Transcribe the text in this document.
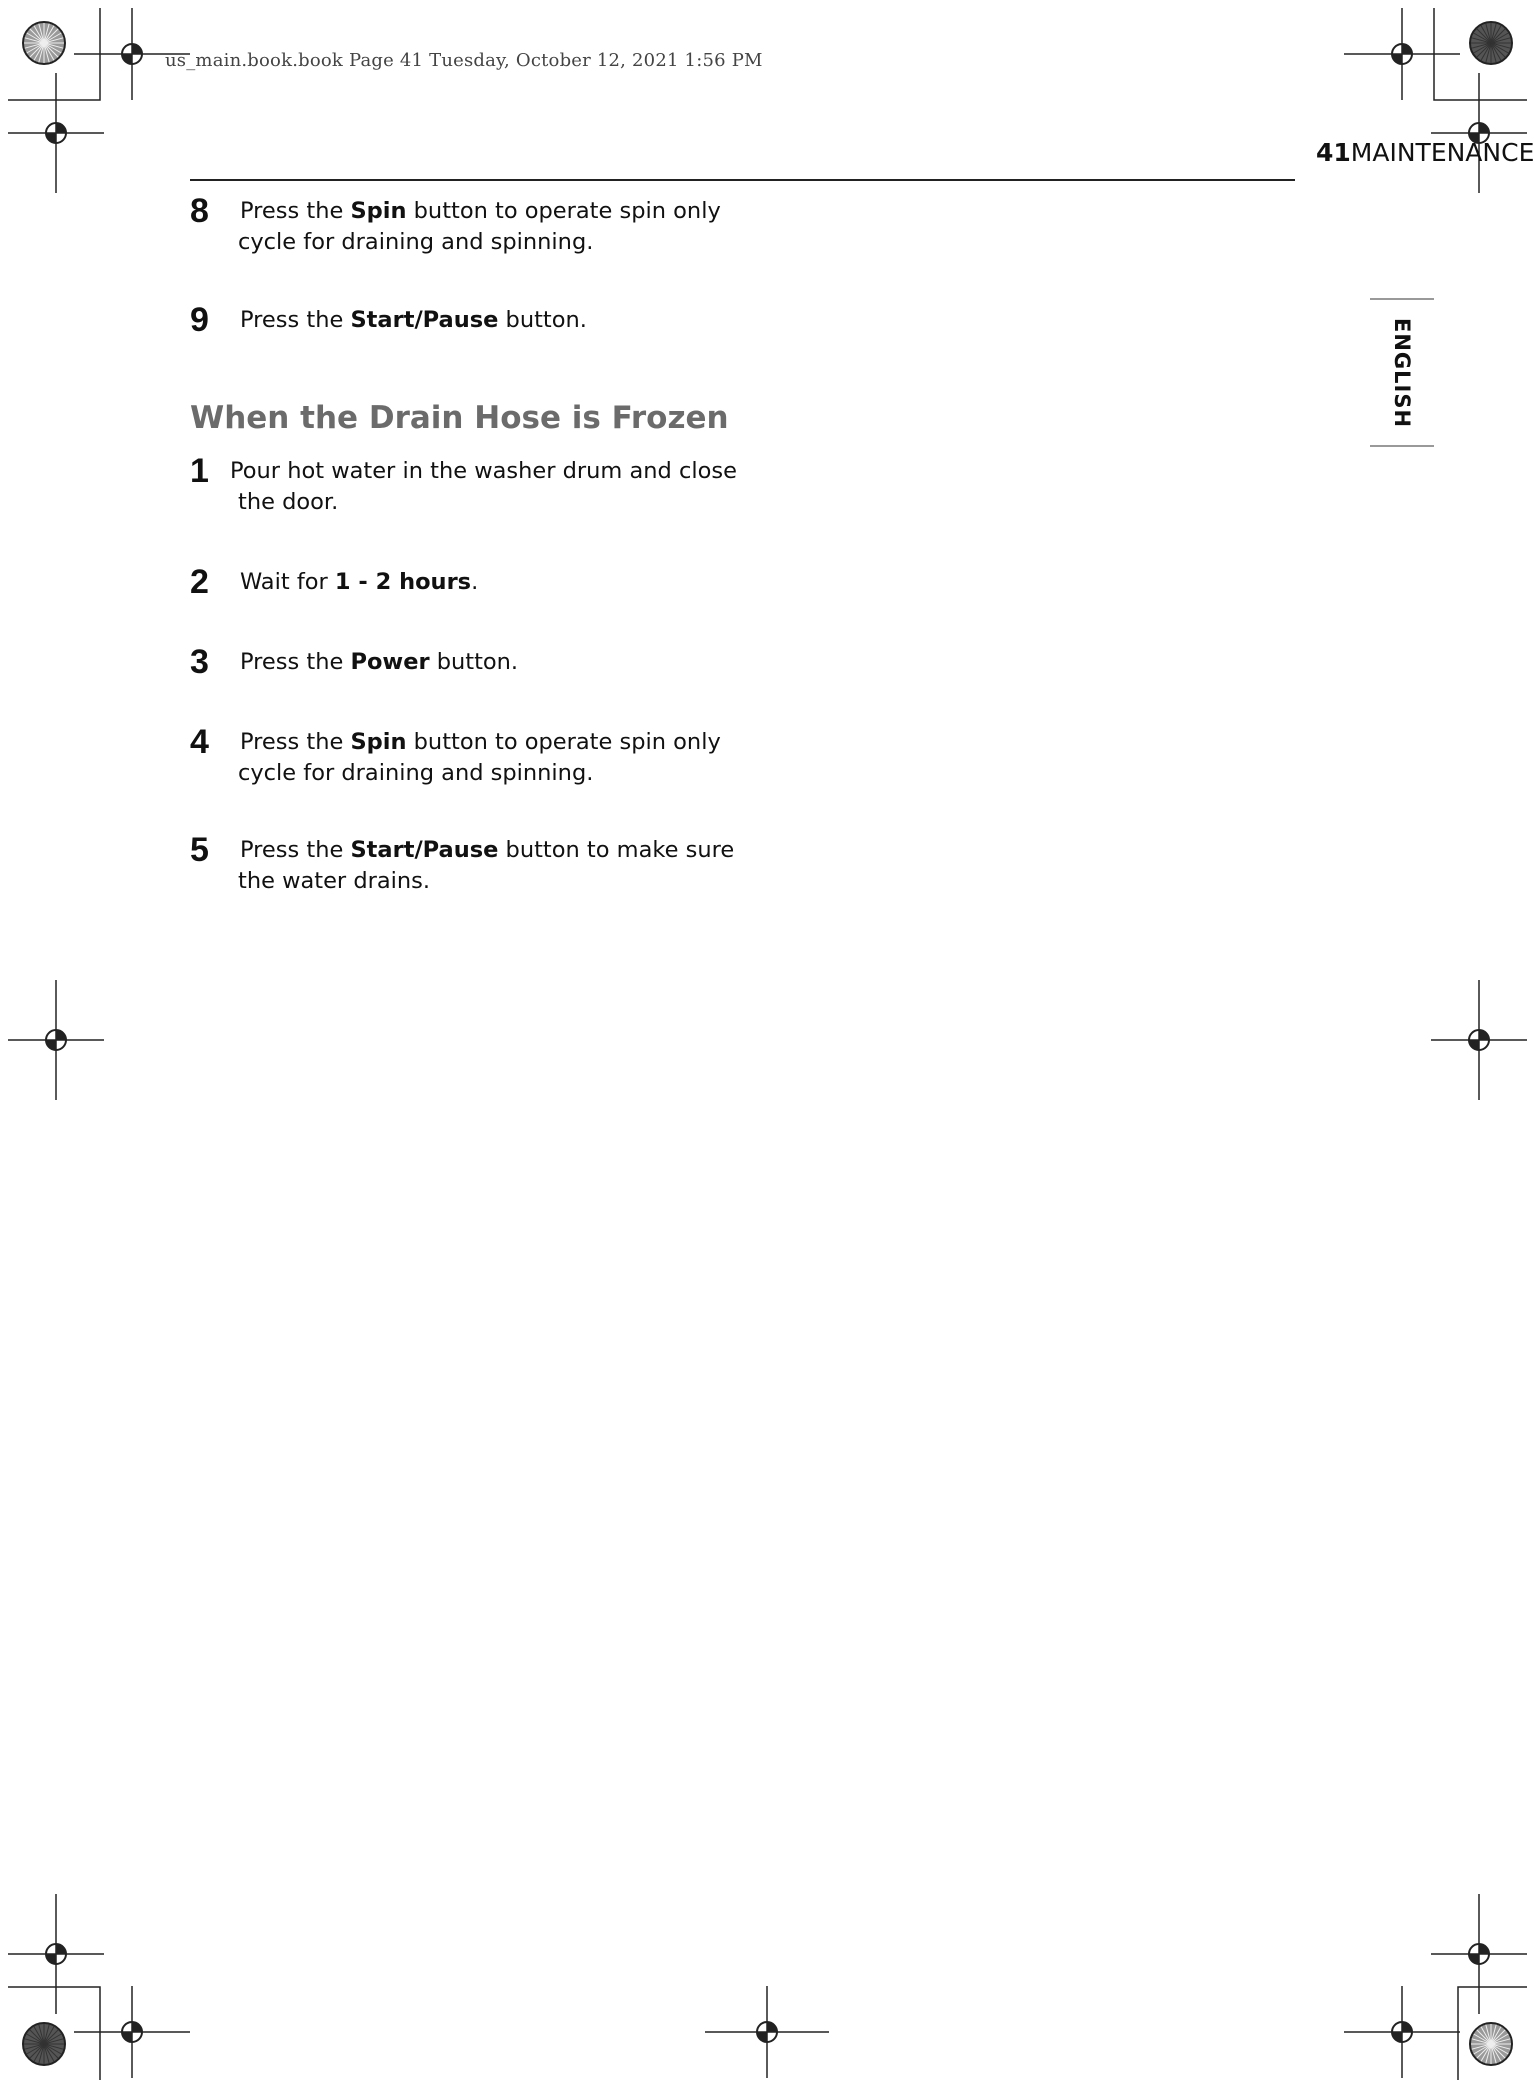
us_main.book.book Page 41 Tuesday, October 12, 2021 1:56 PM
41MAINTENANCE
ENGLISH
8 Press the Spin button to operate spin only
cycle for draining and spinning.
9 Press the Start/Pause button.
When the Drain Hose is Frozen
1 Pour hot water in the washer drum and close
the door.
2 Wait for 1 - 2 hours.
3 Press the Power button.
4 Press the Spin button to operate spin only
cycle for draining and spinning.
5 Press the Start/Pause button to make sure
the water drains.
